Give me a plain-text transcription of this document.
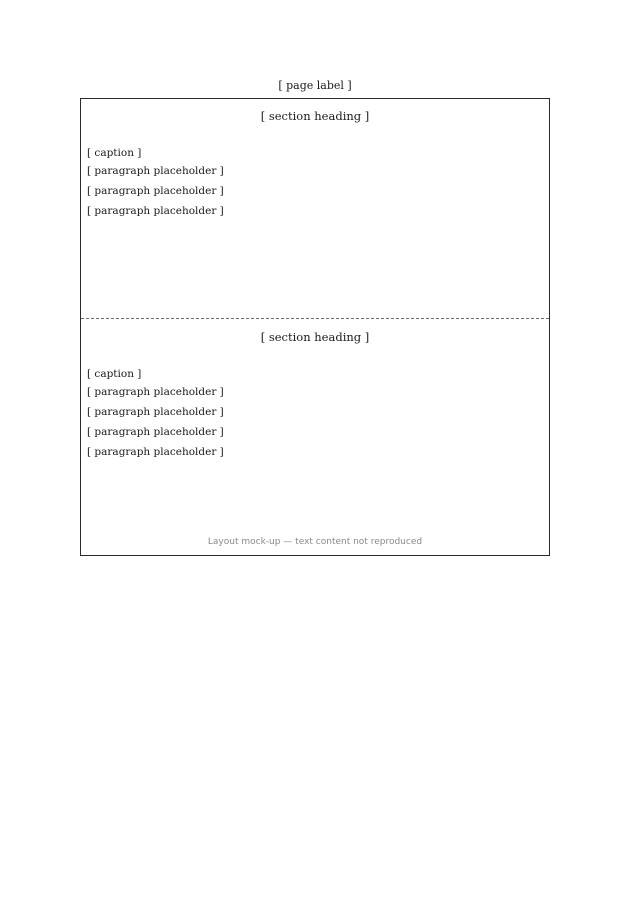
[ page label ]
[ section heading ]
[ caption ]
[ paragraph placeholder ]
[ paragraph placeholder ]
[ paragraph placeholder ]
[ section heading ]
[ caption ]
[ paragraph placeholder ]
[ paragraph placeholder ]
[ paragraph placeholder ]
[ paragraph placeholder ]
Layout mock-up — text content not reproduced
